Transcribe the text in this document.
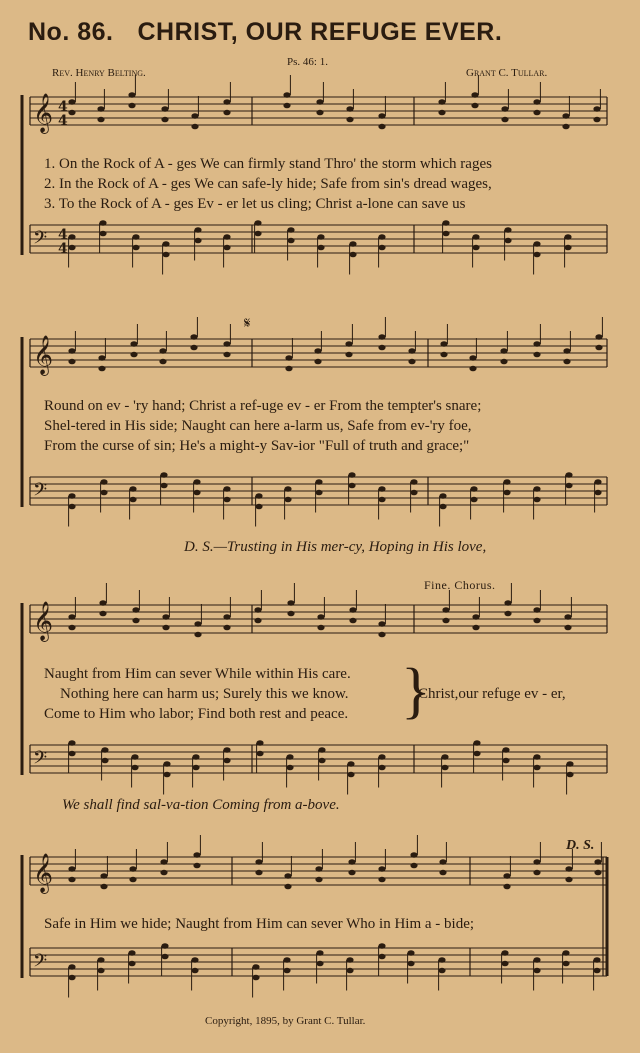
No. 86. CHRIST, OUR REFUGE EVER.
Ps. 46: 1.
Rev. Henry Belting.	Grant C. Tullar.
𝄞
𝄢
𝄞
𝄢
𝄞
𝄢
𝄞
𝄢
4
4
4
4
1. On the Rock of A - ges We can firmly stand Thro' the storm which rages
2. In the Rock of A - ges We can safe-ly hide; Safe from sin's dread wages,
3. To the Rock of A - ges Ev - er let us cling; Christ a-lone can save us
𝄋
Round on ev - 'ry hand; Christ a ref-uge ev - er From the tempter's snare;
Shel-tered in His side; Naught can here a-larm us, Safe from ev-'ry foe,
From the curse of sin; He's a might-y Sav-ior "Full of truth and grace;"
D. S.—Trusting in His mer-cy, Hoping in His love,
Fine. Chorus.
Naught from Him can sever While within His care.
Nothing here can harm us; Surely this we know.
Come to Him who labor; Find both rest and peace. }
Christ,our refuge ev - er,
We shall find sal-va-tion Coming from a-bove.
D. S.
Safe in Him we hide; Naught from Him can sever Who in Him a - bide;
Copyright, 1895, by Grant C. Tullar.
